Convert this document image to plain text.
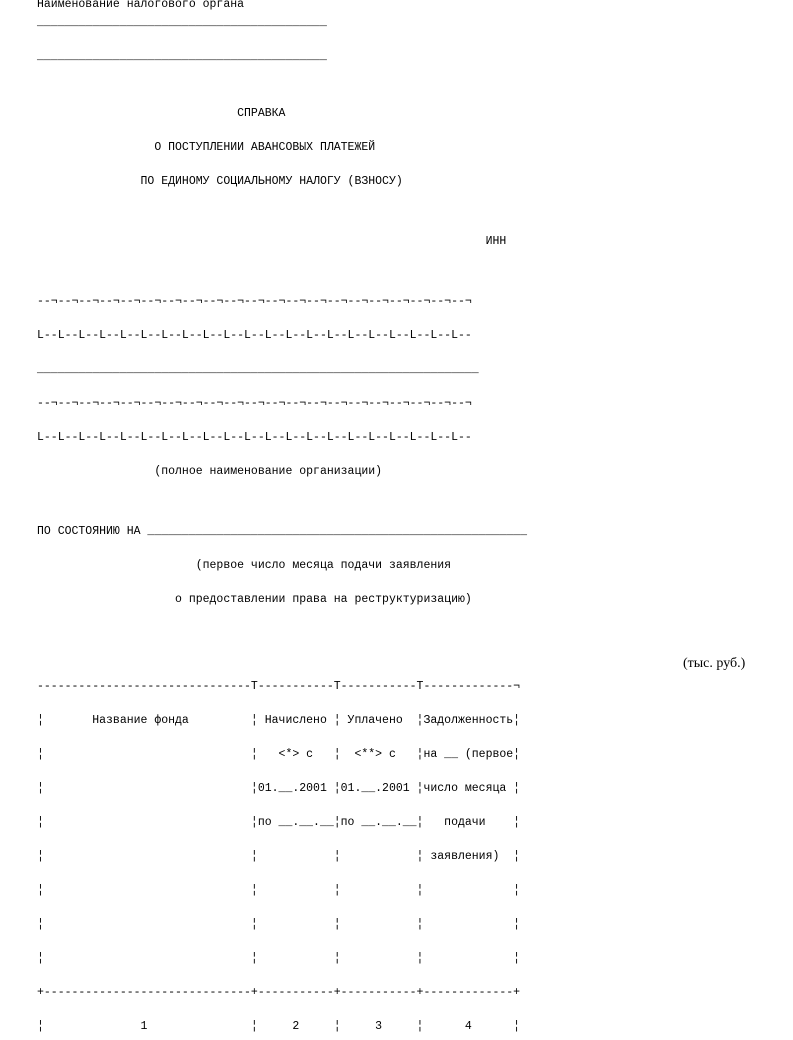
Наименование налогового органа
__________________________________________
__________________________________________
СПРАВКА
О ПОСТУПЛЕНИИ АВАНСОВЫХ ПЛАТЕЖЕЙ
ПО ЕДИНОМУ СОЦИАЛЬНОМУ НАЛОГУ (ВЗНОСУ)
ИНН
--¬--¬--¬--¬--¬--¬--¬--¬--¬--¬--¬--¬--¬--¬--¬--¬--¬--¬--¬--¬--¬
L--L--L--L--L--L--L--L--L--L--L--L--L--L--L--L--L--L--L--L--L--
________________________________________________________________
--¬--¬--¬--¬--¬--¬--¬--¬--¬--¬--¬--¬--¬--¬--¬--¬--¬--¬--¬--¬--¬
L--L--L--L--L--L--L--L--L--L--L--L--L--L--L--L--L--L--L--L--L--
(полное наименование организации)
ПО СОСТОЯНИЮ НА _______________________________________________________
(первое число месяца подачи заявления
о предоставлении права на реструктуризацию)
(тыс. руб.)
-------------------------------T-----------T-----------T-------------¬
¦       Название фонда         ¦ Начислено ¦ Уплачено  ¦Задолженность¦
¦                              ¦   <*> с   ¦  <**> с   ¦на __ (первое¦
¦                              ¦01.__.2001 ¦01.__.2001 ¦число месяца ¦
¦                              ¦по __.__.__¦по __.__.__¦   подачи    ¦
¦                              ¦           ¦           ¦ заявления)  ¦
¦                              ¦           ¦           ¦             ¦
¦                              ¦           ¦           ¦             ¦
¦                              ¦           ¦           ¦             ¦
+------------------------------+-----------+-----------+-------------+
¦              1               ¦     2     ¦     3     ¦      4      ¦
